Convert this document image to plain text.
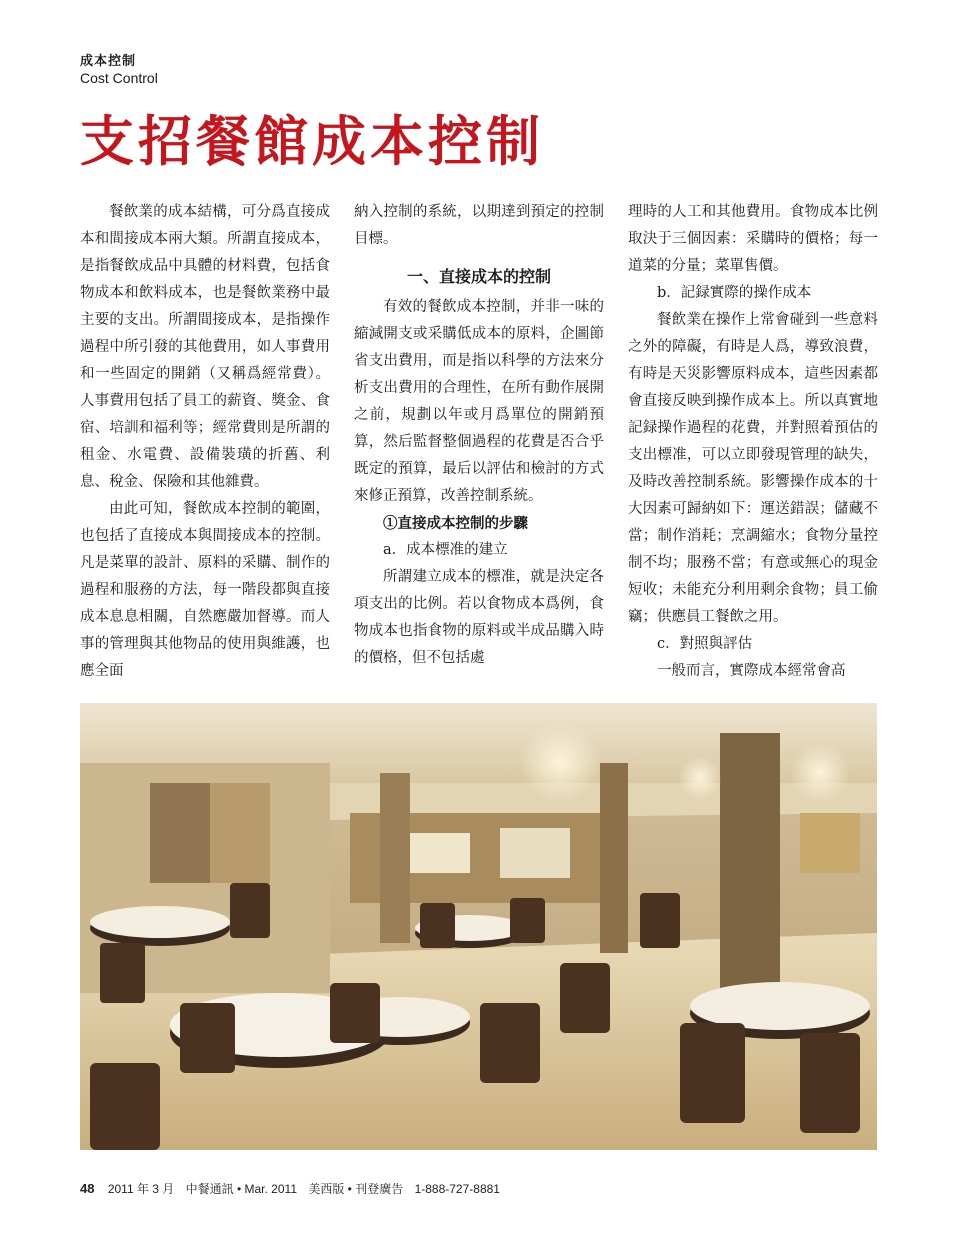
成本控制
Cost Control
支招餐館成本控制

餐飲業的成本結構，可分爲直接成本和間接成本兩大類。所謂直接成本，是指餐飲成品中具體的材料費，包括食物成本和飲料成本，也是餐飲業務中最主要的支出。所謂間接成本，是指操作過程中所引發的其他費用，如人事費用和一些固定的開銷（又稱爲經常費）。人事費用包括了員工的薪資、獎金、食宿、培訓和福利等；經常費則是所謂的租金、水電費、設備裝璜的折舊、利息、稅金、保險和其他雜費。

由此可知，餐飲成本控制的範圍，也包括了直接成本與間接成本的控制。凡是菜單的設計、原料的采購、制作的過程和服務的方法，每一階段都與直接成本息息相關，自然應嚴加督導。而人事的管理與其他物品的使用與維護，也應全面

納入控制的系統，以期達到預定的控制目標。

一、直接成本的控制

有效的餐飲成本控制，并非一味的縮減開支或采購低成本的原料，企圖節省支出費用，而是指以科學的方法來分析支出費用的合理性，在所有動作展開之前，規劃以年或月爲單位的開銷預算，然后監督整個過程的花費是否合乎既定的預算，最后以評估和檢討的方式來修正預算，改善控制系統。

①直接成本控制的步驟

a．成本標准的建立

所謂建立成本的標准，就是決定各項支出的比例。若以食物成本爲例，食物成本也指食物的原料或半成品購入時的價格，但不包括處

理時的人工和其他費用。食物成本比例取決于三個因素：采購時的價格；每一道菜的分量；菜單售價。

b．記録實際的操作成本

餐飲業在操作上常會碰到一些意料之外的障礙，有時是人爲，導致浪費，有時是天災影響原料成本，這些因素都會直接反映到操作成本上。所以真實地記録操作過程的花費，并對照着預估的支出標准，可以立即發現管理的缺失，及時改善控制系統。影響操作成本的十大因素可歸納如下：運送錯誤；儲藏不當；制作消耗；烹調縮水；食物分量控制不均；服務不當；有意或無心的現金短收；未能充分利用剩余食物；員工偷竊；供應員工餐飲之用。

c．對照與評估

一般而言，實際成本經常會高

48 2011 年 3 月 中餐通訊 • Mar. 2011 美西版 • 刊登廣告 1-888-727-8881
